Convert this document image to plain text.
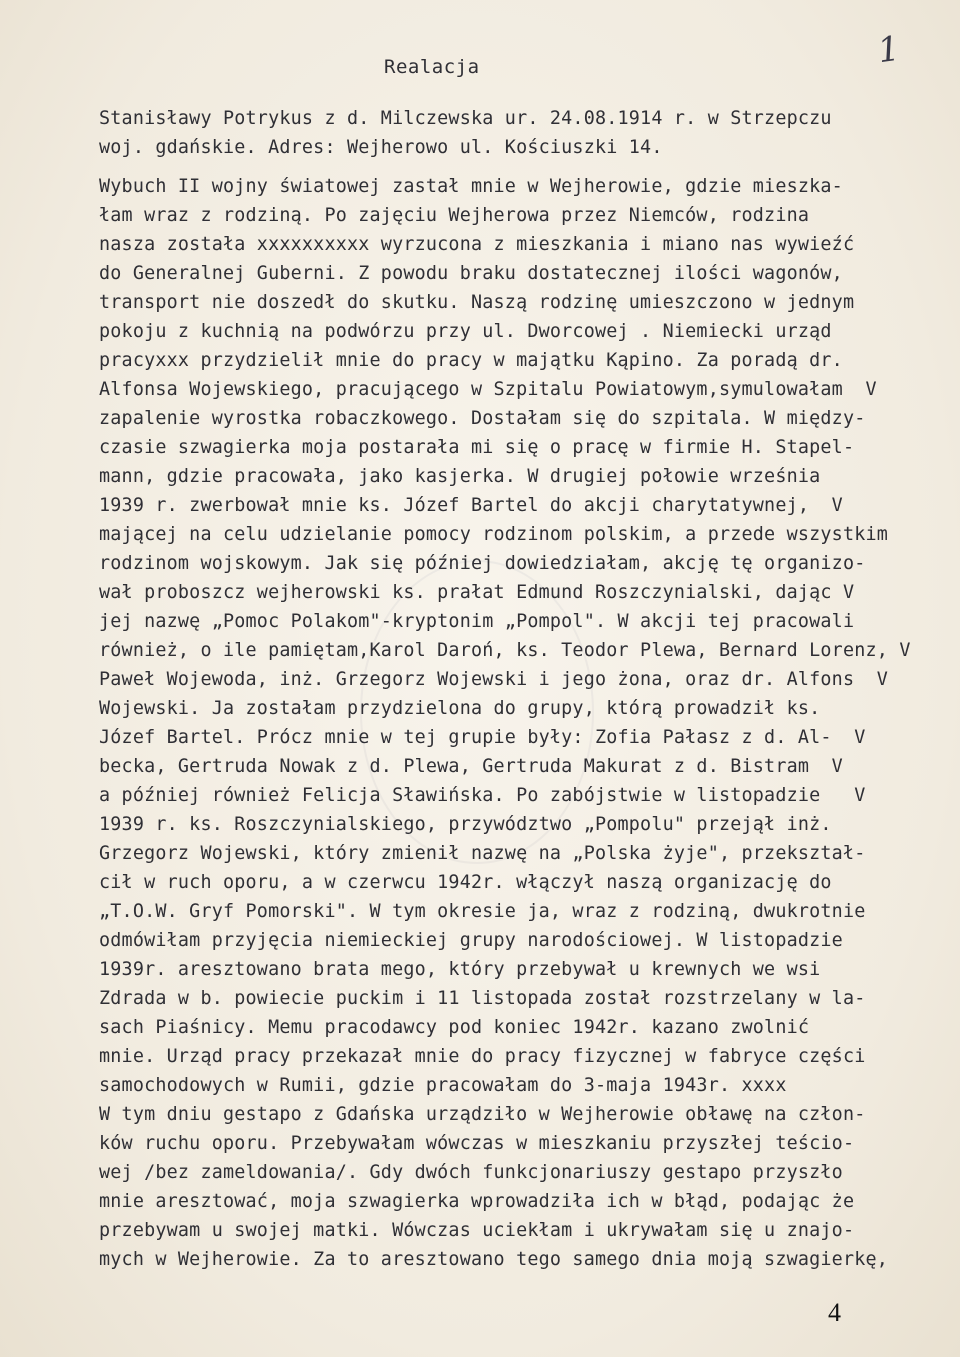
1
Realacja
Stanisławy Potrykus z d. Milczewska ur. 24.08.1914 r. w Strzepczu
woj. gdańskie. Adres: Wejherowo ul. Kościuszki 14.
Wybuch II wojny światowej zastał mnie w Wejherowie, gdzie mieszka-
łam wraz z rodziną. Po zajęciu Wejherowa przez Niemców, rodzina
nasza została xxxxxxxxxx wyrzucona z mieszkania i miano nas wywieźć
do Generalnej Guberni. Z powodu braku dostatecznej ilości wagonów,
transport nie doszedł do skutku. Naszą rodzinę umieszczono w jednym
pokoju z kuchnią na podwórzu przy ul. Dworcowej . Niemiecki urząd
pracyxxx przydzielił mnie do pracy w majątku Kąpino. Za poradą dr.
Alfonsa Wojewskiego, pracującego w Szpitalu Powiatowym,symulowałam  V
zapalenie wyrostka robaczkowego. Dostałam się do szpitala. W między-
czasie szwagierka moja postarała mi się o pracę w firmie H. Stapel-
mann, gdzie pracowała, jako kasjerka. W drugiej połowie września
1939 r. zwerbował mnie ks. Józef Bartel do akcji charytatywnej,  V
mającej na celu udzielanie pomocy rodzinom polskim, a przede wszystkim
rodzinom wojskowym. Jak się później dowiedziałam, akcję tę organizo-
wał proboszcz wejherowski ks. prałat Edmund Roszczynialski, dając V
jej nazwę „Pomoc Polakom"-kryptonim „Pompol". W akcji tej pracowali
również, o ile pamiętam,Karol Daroń, ks. Teodor Plewa, Bernard Lorenz, V
Paweł Wojewoda, inż. Grzegorz Wojewski i jego żona, oraz dr. Alfons  V
Wojewski. Ja zostałam przydzielona do grupy, którą prowadził ks.
Józef Bartel. Prócz mnie w tej grupie były: Zofia Pałasz z d. Al-  V
becka, Gertruda Nowak z d. Plewa, Gertruda Makurat z d. Bistram  V
a później również Felicja Sławińska. Po zabójstwie w listopadzie   V
1939 r. ks. Roszczynialskiego, przywództwo „Pompolu" przejął inż.
Grzegorz Wojewski, który zmienił nazwę na „Polska żyje", przekształ-
cił w ruch oporu, a w czerwcu 1942r. włączył naszą organizację do
„T.O.W. Gryf Pomorski". W tym okresie ja, wraz z rodziną, dwukrotnie
odmówiłam przyjęcia niemieckiej grupy narodościowej. W listopadzie
1939r. aresztowano brata mego, który przebywał u krewnych we wsi
Zdrada w b. powiecie puckim i 11 listopada został rozstrzelany w la-
sach Piaśnicy. Memu pracodawcy pod koniec 1942r. kazano zwolnić
mnie. Urząd pracy przekazał mnie do pracy fizycznej w fabryce części
samochodowych w Rumii, gdzie pracowałam do 3-maja 1943r. xxxx
W tym dniu gestapo z Gdańska urządziło w Wejherowie obławę na człon-
ków ruchu oporu. Przebywałam wówczas w mieszkaniu przyszłej teścio-
wej /bez zameldowania/. Gdy dwóch funkcjonariuszy gestapo przyszło
mnie aresztować, moja szwagierka wprowadziła ich w błąd, podając że
przebywam u swojej matki. Wówczas uciekłam i ukrywałam się u znajo-
mych w Wejherowie. Za to aresztowano tego samego dnia moją szwagierkę,
4
